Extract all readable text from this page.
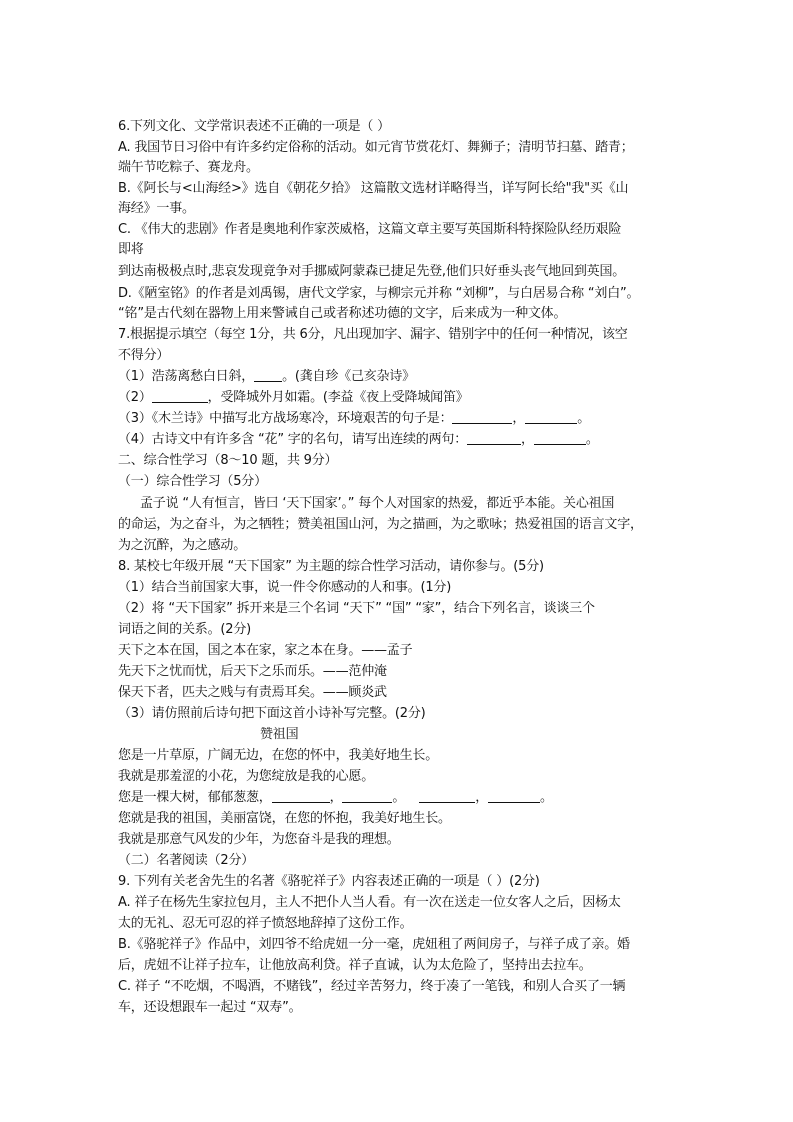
6.下列文化、文学常识表述不正确的一项是（ ）
A. 我国节日习俗中有许多约定俗称的活动。如元宵节赏花灯、舞狮子；清明节扫墓、踏青；
端午节吃粽子、赛龙舟。
B.《阿长与<山海经>》选自《朝花夕拾》 这篇散文选材详略得当，详写阿长给"我"买《山
海经》一事。
C. 《伟大的悲剧》作者是奥地利作家茨威格，这篇文章主要写英国斯科特探险队经历艰险
即将
到达南极极点时,悲哀发现竟争对手挪威阿蒙森已捷足先登,他们只好垂头丧气地回到英国。
D.《陋室铭》的作者是刘禹锡，唐代文学家，与柳宗元并称 “刘柳”，与白居易合称 “刘白”。
“铭”是古代刻在器物上用来警诫自己或者称述功德的文字，后来成为一种文体。
7.根据提示填空（每空 1分，共 6分，凡出现加字、漏字、错别字中的任何一种情况，该空
不得分）
（1）浩荡离愁白日斜， 。(龚自珍《己亥杂诗》
（2）	，受降城外月如霜。(李益《夜上受降城闻笛》
（3）《木兰诗》中描写北方战场寒冷，环境艰苦的句子是：	，	。
（4）古诗文中有许多含 “花” 字的名句，请写出连续的两句：	，	。
二、综合性学习（8～10 题，共 9分）
（一）综合性学习（5分）
孟子说 “人有恒言，皆曰 ‘天下国家’。” 每个人对国家的热爱，都近乎本能。关心祖国
的命运，为之奋斗，为之牺牲；赞美祖国山河，为之描画，为之歌咏；热爱祖国的语言文字，
为之沉醉，为之感动。
8. 某校七年级开展 “天下国家” 为主题的综合性学习活动，请你参与。(5分)
（1）结合当前国家大事，说一件令你感动的人和事。(1分)
（2）将 “天下国家” 拆开来是三个名词 “天下” “国” “家”，结合下列名言，谈谈三个
词语之间的关系。(2分)
天下之本在国，国之本在家，家之本在身。——孟子
先天下之忧而忧，后天下之乐而乐。——范仲淹
保天下者，匹夫之贱与有责焉耳矣。——顾炎武
（3）请仿照前后诗句把下面这首小诗补写完整。(2分)
赞祖国
您是一片草原，广阔无边，在您的怀中，我美好地生长。
我就是那羞涩的小花，为您绽放是我的心愿。
您是一棵大树，郁郁葱葱，	，	。	，	。
您就是我的祖国，美丽富饶，在您的怀抱，我美好地生长。
我就是那意气风发的少年，为您奋斗是我的理想。
（二）名著阅读（2分）
9. 下列有关老舍先生的名著《骆驼祥子》内容表述正确的一项是（ ）(2分)
A. 祥子在杨先生家拉包月，主人不把仆人当人看。有一次在送走一位女客人之后，因杨太
太的无礼、忍无可忍的祥子愤怒地辞掉了这份工作。
B.《骆驼祥子》作品中，刘四爷不给虎妞一分一毫，虎妞租了两间房子，与祥子成了亲。婚
后，虎妞不让祥子拉车，让他放高利贷。祥子直诚，认为太危险了，坚持出去拉车。
C. 祥子 “不吃烟，不喝酒，不赌钱”，经过辛苦努力，终于凑了一笔钱，和别人合买了一辆
车，还设想跟车一起过 “双寿”。
